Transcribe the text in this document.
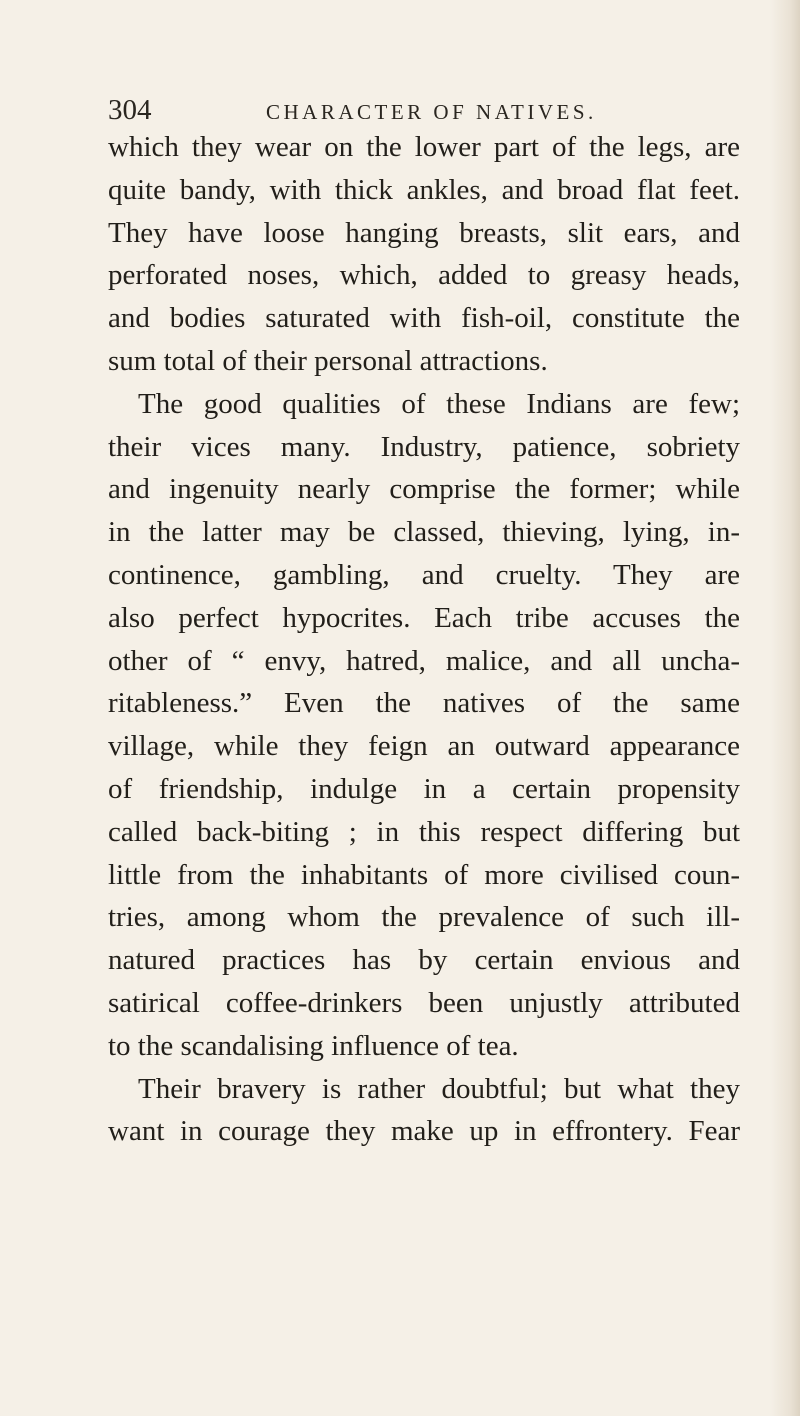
304	CHARACTER OF NATIVES.
which they wear on the lower part of the legs, are
quite bandy, with thick ankles, and broad flat feet.
They have loose hanging breasts, slit ears, and
perforated noses, which, added to greasy heads,
and bodies saturated with fish-oil, constitute the
sum total of their personal attractions.
The good qualities of these Indians are few;
their vices many. Industry, patience, sobriety
and ingenuity nearly comprise the former; while
in the latter may be classed, thieving, lying, in-
continence, gambling, and cruelty. They are
also perfect hypocrites. Each tribe accuses the
other of “ envy, hatred, malice, and all uncha-
ritableness.” Even the natives of the same
village, while they feign an outward appearance
of friendship, indulge in a certain propensity
called back-biting ; in this respect differing but
little from the inhabitants of more civilised coun-
tries, among whom the prevalence of such ill-
natured practices has by certain envious and
satirical coffee-drinkers been unjustly attributed
to the scandalising influence of tea.
Their bravery is rather doubtful; but what they
want in courage they make up in effrontery. Fear
